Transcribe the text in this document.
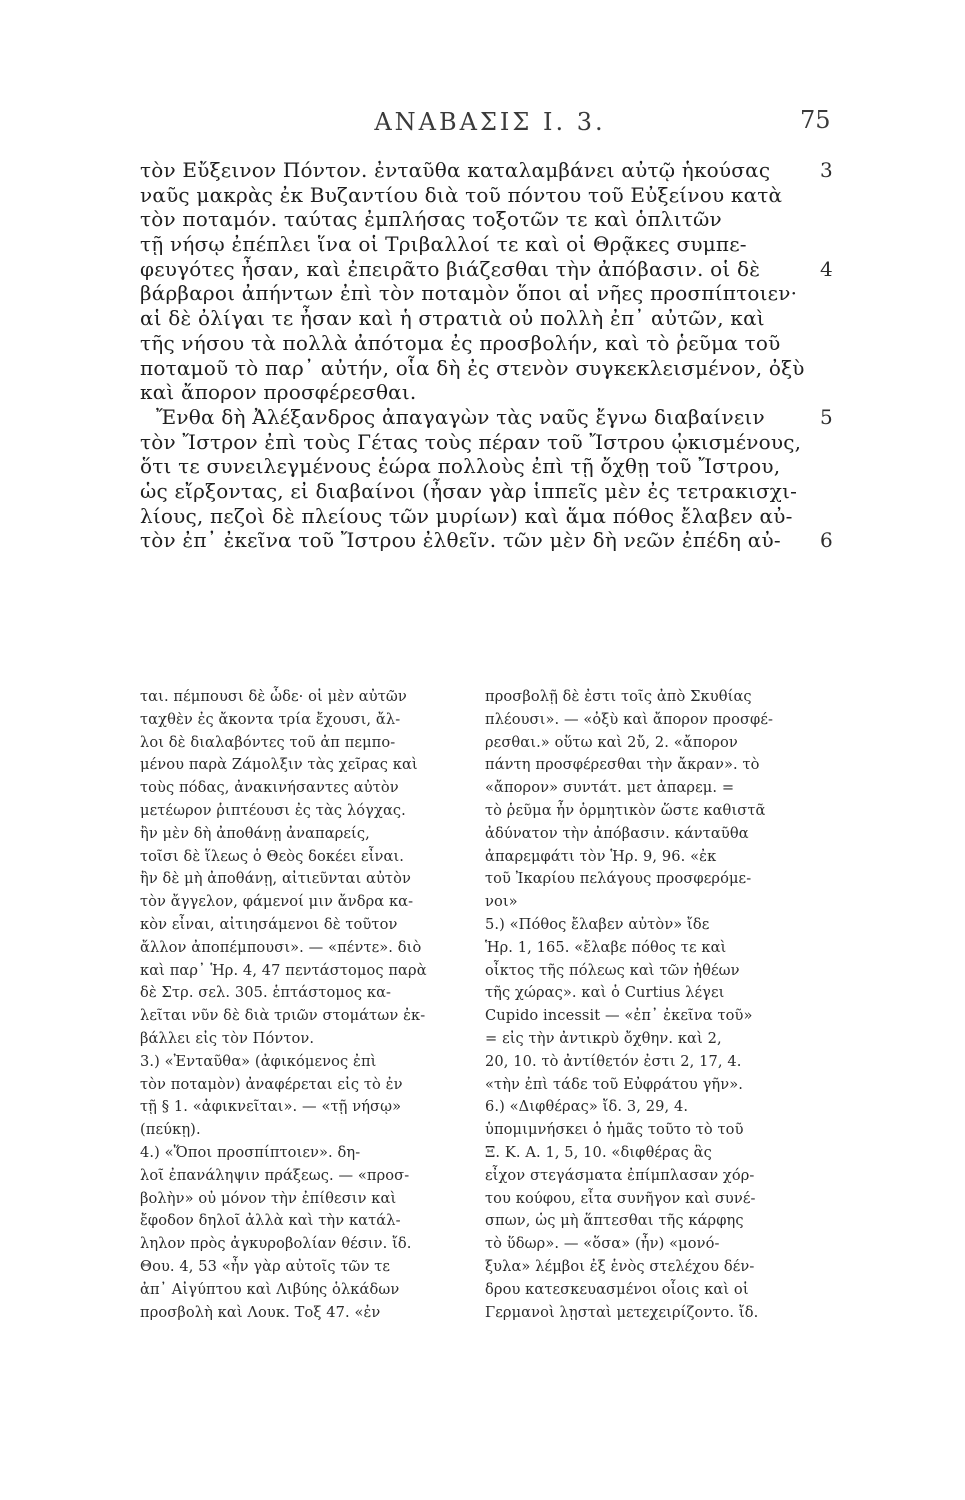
ΑΝΑΒΑΣΙΣ I. 3.	75
τὸν Εὔξεινον Πόντον. ἐνταῦθα καταλαμβάνει αὐτῷ ἡκούσας 3
ναῦς μακρὰς ἐκ Βυζαντίου διὰ τοῦ πόντου τοῦ Εὐξείνου κατὰ
τὸν ποταμόν. ταύτας ἐμπλήσας τοξοτῶν τε καὶ ὁπλιτῶν
τῇ νήσῳ ἐπέπλει ἵνα οἱ Τριβαλλοί τε καὶ οἱ Θρᾷκες συμπε-
φευγότες ἦσαν, καὶ ἐπειρᾶτο βιάζεσθαι τὴν ἀπόβασιν. οἱ δὲ	4
βάρβαροι ἀπήντων ἐπὶ τὸν ποταμὸν ὅποι αἱ νῆες προσπίπτοιεν·
αἱ δὲ ὀλίγαι τε ἦσαν καὶ ἡ στρατιὰ οὐ πολλὴ ἐπ᾽ αὐτῶν, καὶ
τῆς νήσου τὰ πολλὰ ἀπότομα ἐς προσβολήν, καὶ τὸ ῥεῦμα τοῦ
ποταμοῦ τὸ παρ᾽ αὐτήν, οἷα δὴ ἐς στενὸν συγκεκλεισμένον, ὀξὺ
καὶ ἄπορον προσφέρεσθαι.
Ἔνθα δὴ Ἀλέξανδρος ἀπαγαγὼν τὰς ναῦς ἔγνω διαβαίνειν	5
τὸν Ἴστρον ἐπὶ τοὺς Γέτας τοὺς πέραν τοῦ Ἴστρου ᾠκισμένους,
ὅτι τε συνειλεγμένους ἑώρα πολλοὺς ἐπὶ τῇ ὄχθῃ τοῦ Ἴστρου,
ὡς εἴρξοντας, εἰ διαβαίνοι (ἦσαν γὰρ ἱππεῖς μὲν ἐς τετρακισχι-
λίους, πεζοὶ δὲ πλείους τῶν μυρίων) καὶ ἅμα πόθος ἔλαβεν αὐ-
τὸν ἐπ᾽ ἐκεῖνα τοῦ Ἴστρου ἐλθεῖν. τῶν μὲν δὴ νεῶν ἐπέδη αὐ- 6
ται. πέμπουσι δὲ ὧδε· οἱ μὲν αὐτῶν
ταχθὲν ἐς ἄκοντα τρία ἔχουσι, ἄλ-
λοι δὲ διαλαβόντες τοῦ ἀπ πεμπο-
μένου παρὰ Ζάμολξιν τὰς χεῖρας καὶ
τοὺς πόδας, ἀνακινήσαντες αὐτὸν
μετέωρον ῥιπτέουσι ἐς τὰς λόγχας.
ἢν μὲν δὴ ἀποθάνῃ ἀναπαρείς,
τοῖσι δὲ ἵλεως ὁ Θεὸς δοκέει εἶναι.
ἢν δὲ μὴ ἀποθάνῃ, αἰτιεῦνται αὐτὸν
τὸν ἄγγελον, φάμενοί μιν ἄνδρα κα-
κὸν εἶναι, αἰτιησάμενοι δὲ τοῦτον
ἄλλον ἀποπέμπουσι». — «πέντε». διὸ
καὶ παρ᾽ Ἡρ. 4, 47 πεντάστομος παρὰ
δὲ Στρ. σελ. 305. ἑπτάστομος κα-
λεῖται νῦν δὲ διὰ τριῶν στομάτων ἐκ-
βάλλει εἰς τὸν Πόντον.
3.) «Ἐνταῦθα» (ἀφικόμενος ἐπὶ
τὸν ποταμὸν) ἀναφέρεται εἰς τὸ ἐν
τῇ § 1. «ἀφικνεῖται». — «τῇ νήσῳ»
(πεύκῃ).
4.) «Ὅποι προσπίπτοιεν». δη-
λοῖ ἐπανάληψιν πράξεως. — «προσ-
βολὴν» οὐ μόνον τὴν ἐπίθεσιν καὶ
ἔφοδον δηλοῖ ἀλλὰ καὶ τὴν κατάλ-
ληλον πρὸς ἀγκυροβολίαν θέσιν. ἴδ.
Θου. 4, 53 «ἦν γὰρ αὐτοῖς τῶν τε
ἀπ᾽ Αἰγύπτου καὶ Λιβύης ὁλκάδων
προσβολὴ καὶ Λουκ. Τοξ 47. «ἐν
προσβολῇ δὲ ἐστι τοῖς ἀπὸ Σκυθίας
πλέουσι». — «ὀξὺ καὶ ἄπορον προσφέ-
ρεσθαι.» οὕτω καὶ 2ὔ, 2. «ἄπορον
πάντη προσφέρεσθαι τὴν ἄκραν». τὸ
«ἄπορον» συντάτ. μετ ἀπαρεμ. =
τὸ ῥεῦμα ἦν ὁρμητικὸν ὥστε καθιστᾶ
ἀδύνατον τὴν ἀπόβασιν. κάνταῦθα
ἀπαρεμφάτι τὸν Ἡρ. 9, 96. «ἐκ
τοῦ Ἰκαρίου πελάγους προσφερόμε-
νοι»
5.) «Πόθος ἔλαβεν αὐτὸν» ἴδε
Ἡρ. 1, 165. «ἔλαβε πόθος τε καὶ
οἶκτος τῆς πόλεως καὶ τῶν ἠθέων
τῆς χώρας». καὶ ὁ Curtius λέγει
Cupido incessit — «ἐπ᾽ ἐκεῖνα τοῦ»
= εἰς τὴν ἀντικρὺ ὄχθην. καὶ 2,
20, 10. τὸ ἀντίθετόν ἐστι 2, 17, 4.
«τὴν ἐπὶ τάδε τοῦ Εὐφράτου γῆν».
6.) «Διφθέρας» ἴδ. 3, 29, 4.
ὑπομιμνήσκει ὁ ἡμᾶς τοῦτο τὸ τοῦ
Ξ. Κ. Α. 1, 5, 10. «διφθέρας ἃς
εἶχον στεγάσματα ἐπίμπλασαν χόρ-
του κούφου, εἶτα συνῆγον καὶ συνέ-
σπων, ὡς μὴ ἅπτεσθαι τῆς κάρφης
τὸ ὕδωρ». — «ὅσα» (ἦν) «μονό-
ξυλα» λέμβοι ἐξ ἑνὸς στελέχου δέν-
δρου κατεσκευασμένοι οἷοις καὶ οἱ
Γερμανοὶ λῃσταὶ μετεχειρίζοντο. ἴδ.
